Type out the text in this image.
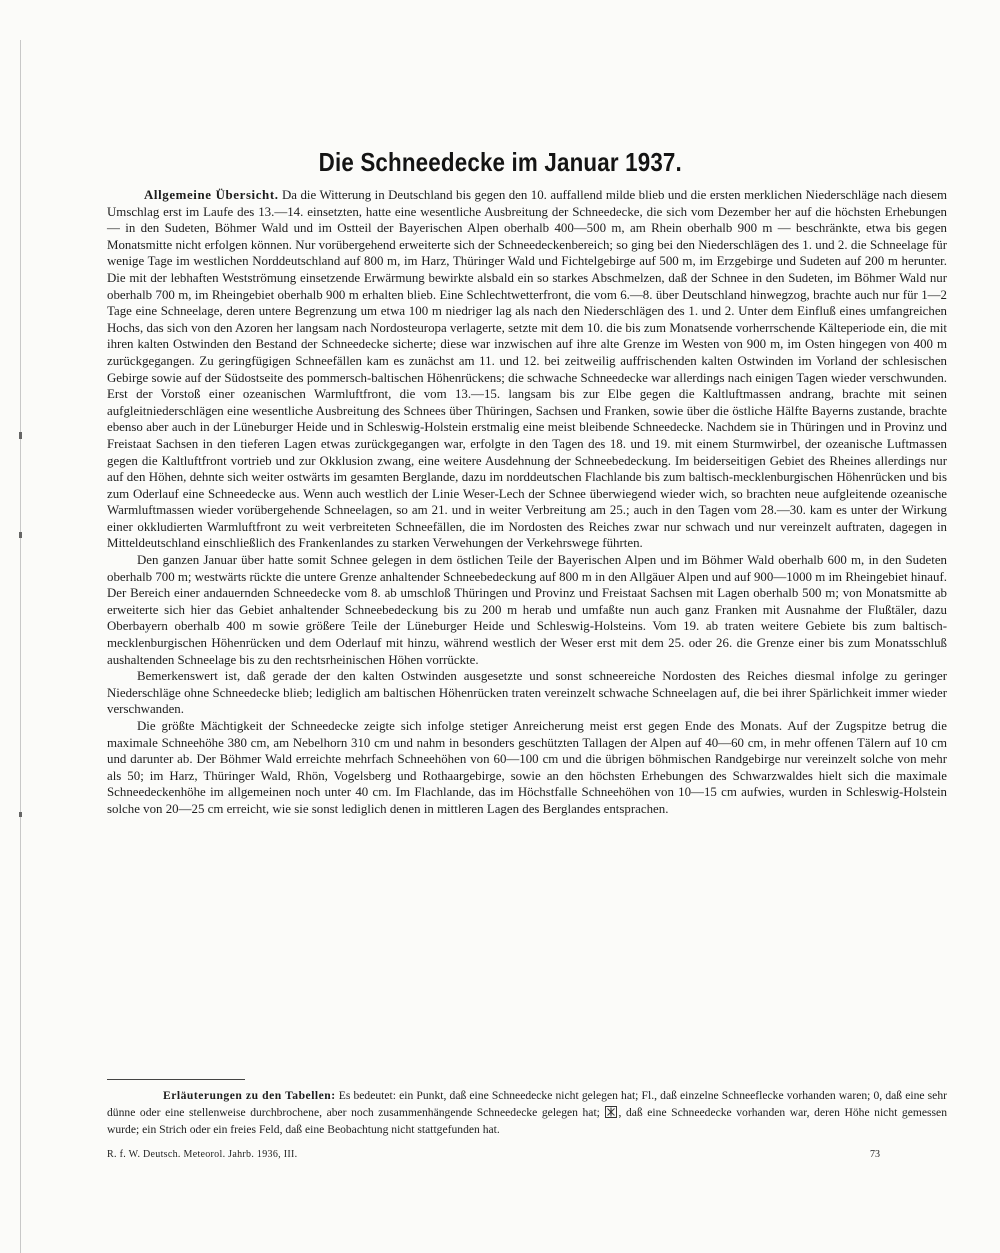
Die Schneedecke im Januar 1937.

Allgemeine Übersicht. Da die Witterung in Deutschland bis gegen den 10. auffallend milde blieb und die ersten merklichen Niederschläge nach diesem Umschlag erst im Laufe des 13.—14. einsetzten, hatte eine wesentliche Ausbreitung der Schneedecke, die sich vom Dezember her auf die höchsten Erhebungen — in den Sudeten, Böhmer Wald und im Ostteil der Bayerischen Alpen oberhalb 400—500 m, am Rhein oberhalb 900 m — beschränkte, etwa bis gegen Monatsmitte nicht erfolgen können. Nur vorübergehend erweiterte sich der Schneedeckenbereich; so ging bei den Niederschlägen des 1. und 2. die Schneelage für wenige Tage im westlichen Norddeutschland auf 800 m, im Harz, Thüringer Wald und Fichtelgebirge auf 500 m, im Erzgebirge und Sudeten auf 200 m herunter. Die mit der lebhaften Westströmung einsetzende Erwärmung bewirkte alsbald ein so starkes Abschmelzen, daß der Schnee in den Sudeten, im Böhmer Wald nur oberhalb 700 m, im Rheingebiet oberhalb 900 m erhalten blieb. Eine Schlechtwetterfront, die vom 6.—8. über Deutschland hinwegzog, brachte auch nur für 1—2 Tage eine Schneelage, deren untere Begrenzung um etwa 100 m niedriger lag als nach den Niederschlägen des 1. und 2. Unter dem Einfluß eines umfangreichen Hochs, das sich von den Azoren her langsam nach Nordosteuropa verlagerte, setzte mit dem 10. die bis zum Monatsende vorherrschende Kälteperiode ein, die mit ihren kalten Ostwinden den Bestand der Schneedecke sicherte; diese war inzwischen auf ihre alte Grenze im Westen von 900 m, im Osten hingegen von 400 m zurückgegangen. Zu geringfügigen Schneefällen kam es zunächst am 11. und 12. bei zeitweilig auffrischenden kalten Ostwinden im Vorland der schlesischen Gebirge sowie auf der Südostseite des pommersch-baltischen Höhenrückens; die schwache Schneedecke war allerdings nach einigen Tagen wieder verschwunden. Erst der Vorstoß einer ozeanischen Warmluftfront, die vom 13.—15. langsam bis zur Elbe gegen die Kaltluftmassen andrang, brachte mit seinen aufgleitniederschlägen eine wesentliche Ausbreitung des Schnees über Thüringen, Sachsen und Franken, sowie über die östliche Hälfte Bayerns zustande, brachte ebenso aber auch in der Lüneburger Heide und in Schleswig-Holstein erstmalig eine meist bleibende Schneedecke. Nachdem sie in Thüringen und in Provinz und Freistaat Sachsen in den tieferen Lagen etwas zurückgegangen war, erfolgte in den Tagen des 18. und 19. mit einem Sturmwirbel, der ozeanische Luftmassen gegen die Kaltluftfront vortrieb und zur Okklusion zwang, eine weitere Ausdehnung der Schneebedeckung. Im beiderseitigen Gebiet des Rheines allerdings nur auf den Höhen, dehnte sich weiter ostwärts im gesamten Berglande, dazu im norddeutschen Flachlande bis zum baltisch-mecklenburgischen Höhenrücken und bis zum Oderlauf eine Schneedecke aus. Wenn auch westlich der Linie Weser-Lech der Schnee überwiegend wieder wich, so brachten neue aufgleitende ozeanische Warmluftmassen wieder vorübergehende Schneelagen, so am 21. und in weiter Verbreitung am 25.; auch in den Tagen vom 28.—30. kam es unter der Wirkung einer okkludierten Warmluftfront zu weit verbreiteten Schneefällen, die im Nordosten des Reiches zwar nur schwach und nur vereinzelt auftraten, dagegen in Mitteldeutschland einschließlich des Frankenlandes zu starken Verwehungen der Verkehrswege führten.

Den ganzen Januar über hatte somit Schnee gelegen in dem östlichen Teile der Bayerischen Alpen und im Böhmer Wald oberhalb 600 m, in den Sudeten oberhalb 700 m; westwärts rückte die untere Grenze anhaltender Schneebedeckung auf 800 m in den Allgäuer Alpen und auf 900—1000 m im Rheingebiet hinauf. Der Bereich einer andauernden Schneedecke vom 8. ab umschloß Thüringen und Provinz und Freistaat Sachsen mit Lagen oberhalb 500 m; von Monatsmitte ab erweiterte sich hier das Gebiet anhaltender Schneebedeckung bis zu 200 m herab und umfaßte nun auch ganz Franken mit Ausnahme der Flußtäler, dazu Oberbayern oberhalb 400 m sowie größere Teile der Lüneburger Heide und Schleswig-Holsteins. Vom 19. ab traten weitere Gebiete bis zum baltisch-mecklenburgischen Höhenrücken und dem Oderlauf mit hinzu, während westlich der Weser erst mit dem 25. oder 26. die Grenze einer bis zum Monatsschluß aushaltenden Schneelage bis zu den rechtsrheinischen Höhen vorrückte.

Bemerkenswert ist, daß gerade der den kalten Ostwinden ausgesetzte und sonst schneereiche Nordosten des Reiches diesmal infolge zu geringer Niederschläge ohne Schneedecke blieb; lediglich am baltischen Höhenrücken traten vereinzelt schwache Schneelagen auf, die bei ihrer Spärlichkeit immer wieder verschwanden.

Die größte Mächtigkeit der Schneedecke zeigte sich infolge stetiger Anreicherung meist erst gegen Ende des Monats. Auf der Zugspitze betrug die maximale Schneehöhe 380 cm, am Nebelhorn 310 cm und nahm in besonders geschützten Tallagen der Alpen auf 40—60 cm, in mehr offenen Tälern auf 10 cm und darunter ab. Der Böhmer Wald erreichte mehrfach Schneehöhen von 60—100 cm und die übrigen böhmischen Randgebirge nur vereinzelt solche von mehr als 50; im Harz, Thüringer Wald, Rhön, Vogelsberg und Rothaargebirge, sowie an den höchsten Erhebungen des Schwarzwaldes hielt sich die maximale Schneedeckenhöhe im allgemeinen noch unter 40 cm. Im Flachlande, das im Höchstfalle Schneehöhen von 10—15 cm aufwies, wurden in Schleswig-Holstein solche von 20—25 cm erreicht, wie sie sonst lediglich denen in mittleren Lagen des Berglandes entsprachen.

Erläuterungen zu den Tabellen: Es bedeutet: ein Punkt, daß eine Schneedecke nicht gelegen hat; Fl., daß einzelne Schneeflecke vorhanden waren; 0, daß eine sehr dünne oder eine stellenweise durchbrochene, aber noch zusammenhängende Schneedecke gelegen hat; , daß eine Schneedecke vorhanden war, deren Höhe nicht gemessen wurde; ein Strich oder ein freies Feld, daß eine Beobachtung nicht stattgefunden hat.
R. f. W. Deutsch. Meteorol. Jahrb. 1936, III.	73
